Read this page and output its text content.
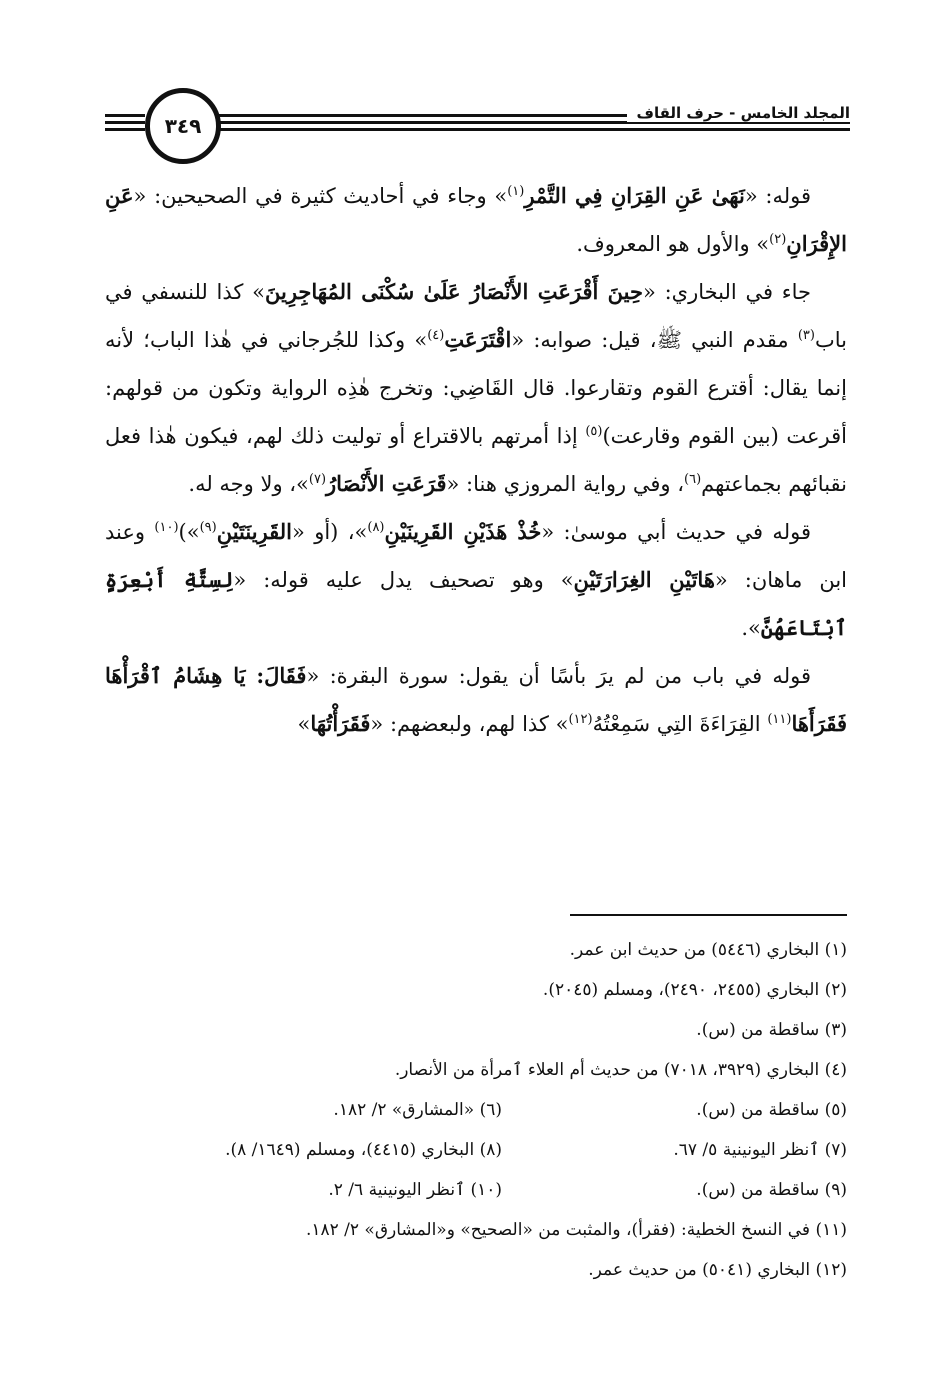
المجلد الخامس - حرف القاف
٣٤٩

قوله: «نَهَىٰ عَنِ القِرَانِ فِي التَّمْرِ$^{(١)}$» وجاء في أحاديث كثيرة في الصحيحين: «عَنِ الإِقْرَانِ$^{(٢)}$» والأول هو المعروف.

جاء في البخاري: «حِينَ أَقْرَعَتِ الأَنْصَارُ عَلَىٰ سُكْنَى المُهَاجِرِينَ» كذا للنسفي في باب$^{(٣)}$ مقدم النبي ﷺ، قيل: صوابه: «اقْتَرَعَتِ$^{(٤)}$» وكذا للجُرجاني في هٰذا الباب؛ لأنه إنما يقال: أقترع القوم وتقارعوا. قال القَاضِي: وتخرج هٰذِه الرواية وتكون من قولهم: أقرعت (بين القوم وقارعت)$^{(٥)}$ إذا أمرتهم بالاقتراع أو توليت ذلك لهم، فيكون هٰذا فعل نقبائهم بجماعتهم$^{(٦)}$، وفي رواية المروزي هنا: «قَرَعَتِ الأَنْصَارُ$^{(٧)}$»، ولا وجه له.

قوله في حديث أبي موسىٰ: «خُذْ هَذَيْنِ القَرِينَيْنِ$^{(٨)}$»، (أو «القَرِينَتَيْنِ$^{(٩)}$»)$^{(١٠)}$ وعند ابن ماهان: «هَاتَيْنِ الغِرَارَتَيْنِ» وهو تصحيف يدل عليه قوله: «لِسِتَّةِ أَبْعِرَةٍ ٱبْتَاعَهُنَّ».

قوله في باب من لم يرَ بأسًا أن يقول: سورة البقرة: «فَقَالَ: يَا هِشَامُ ٱقْرَأْهَا فَقَرَأَهَا$^{(١١)}$ القِرَاءَةَ التِي سَمِعْتُهُ$^{(١٢)}$» كذا لهم، ولبعضهم: «فَقَرَأْتُهَا»

(١) البخاري (٥٤٤٦) من حديث ابن عمر.
(٢) البخاري (٢٤٥٥، ٢٤٩٠)، ومسلم (٢٠٤٥).
(٣) ساقطة من (س).
(٤) البخاري (٣٩٢٩، ٧٠١٨) من حديث أم العلاء ٱمرأة من الأنصار.
(٥) ساقطة من (س).
(٦) «المشارق» ٢/ ١٨٢.
(٧) ٱنظر اليونينية ٥/ ٦٧.
(٨) البخاري (٤٤١٥)، ومسلم (١٦٤٩/ ٨).
(٩) ساقطة من (س).
(١٠) ٱنظر اليونينية ٦/ ٢.
(١١) في النسخ الخطية: (فقرأ)، والمثبت من «الصحيح» و«المشارق» ٢/ ١٨٢.
(١٢) البخاري (٥٠٤١) من حديث عمر.
